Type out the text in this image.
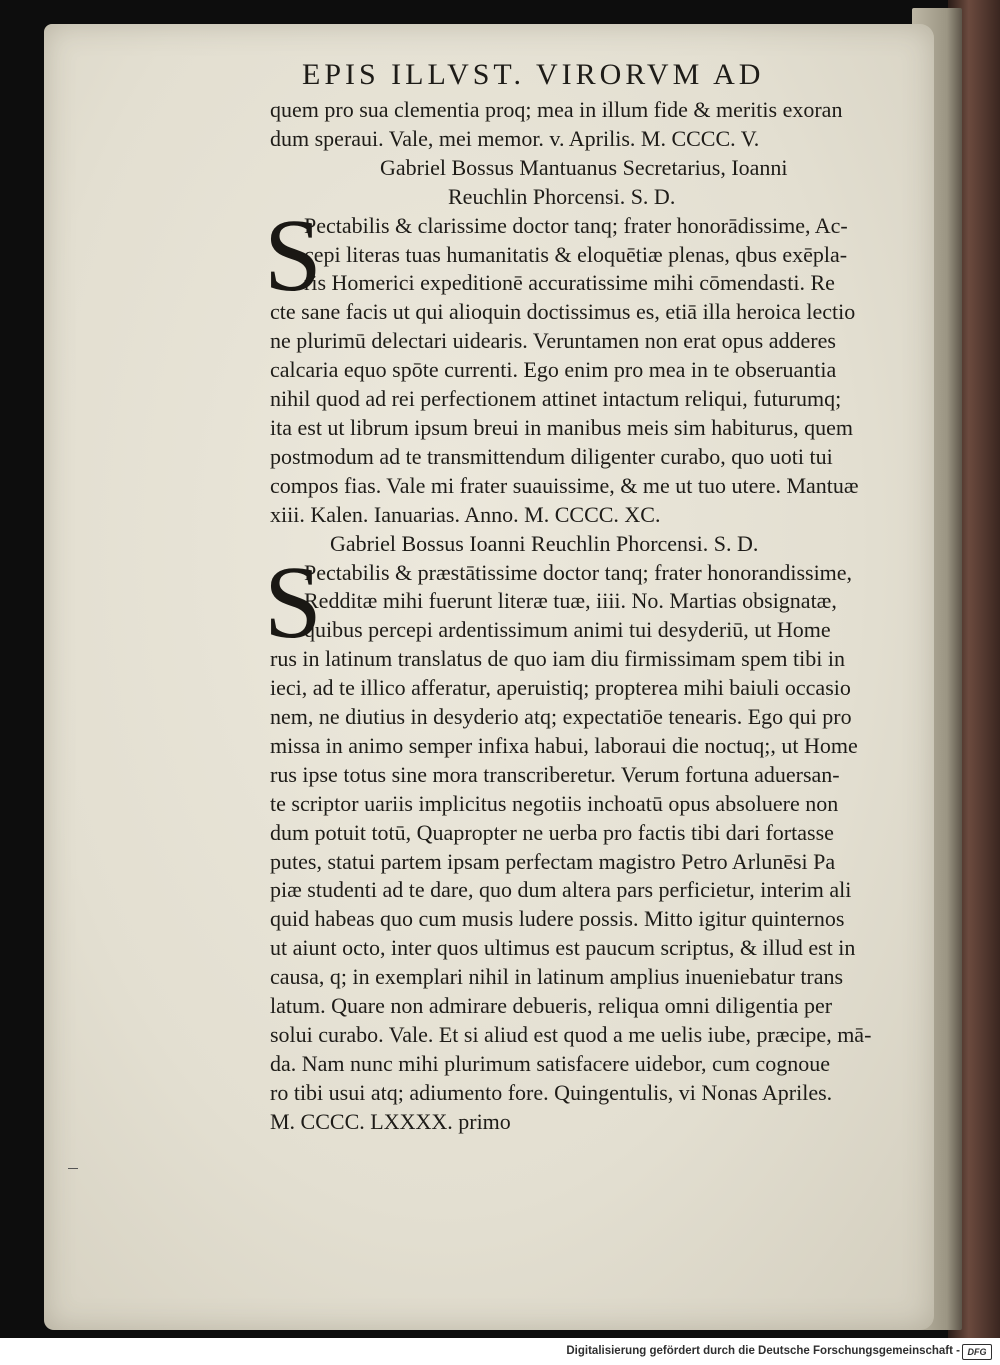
EPIS ILLVST. VIRORVM AD
quem pro sua clementia proq; mea in illum fide & meritis exoran
dum speraui. Vale, mei memor. v. Aprilis. M. CCCC. V.
Gabriel Bossus Mantuanus Secretarius, Ioanni
Reuchlin Phorcensi. S. D.
S
Pectabilis & clarissime doctor tanq; frater honorādissime, Ac-
cepi literas tuas humanitatis & eloquētiæ plenas, qbus exēpla-
ris Homerici expeditionē accuratissime mihi cōmendasti. Re
cte sane facis ut qui alioquin doctissimus es, etiā illa heroica lectio
ne plurimū delectari uidearis. Veruntamen non erat opus adderes
calcaria equo spōte currenti. Ego enim pro mea in te obseruantia
nihil quod ad rei perfectionem attinet intactum reliqui, futurumq;
ita est ut librum ipsum breui in manibus meis sim habiturus, quem
postmodum ad te transmittendum diligenter curabo, quo uoti tui
compos fias. Vale mi frater suauissime, & me ut tuo utere. Mantuæ
xiii. Kalen. Ianuarias. Anno. M. CCCC. XC.
Gabriel Bossus Ioanni Reuchlin Phorcensi. S. D.
S
Pectabilis & præstātissime doctor tanq; frater honorandissime,
Redditæ mihi fuerunt literæ tuæ, iiii. No. Martias obsignatæ,
quibus percepi ardentissimum animi tui desyderiū, ut Home
rus in latinum translatus de quo iam diu firmissimam spem tibi in
ieci, ad te illico afferatur, aperuistiq; propterea mihi baiuli occasio
nem, ne diutius in desyderio atq; expectatiōe tenearis. Ego qui pro
missa in animo semper infixa habui, laboraui die noctuq;, ut Home
rus ipse totus sine mora transcriberetur. Verum fortuna aduersan-
te scriptor uariis implicitus negotiis inchoatū opus absoluere non
dum potuit totū, Quapropter ne uerba pro factis tibi dari fortasse
putes, statui partem ipsam perfectam magistro Petro Arlunēsi Pa
piæ studenti ad te dare, quo dum altera pars perficietur, interim ali
quid habeas quo cum musis ludere possis. Mitto igitur quinternos
ut aiunt octo, inter quos ultimus est paucum scriptus, & illud est in
causa, q; in exemplari nihil in latinum amplius inueniebatur trans
latum. Quare non admirare debueris, reliqua omni diligentia per
solui curabo. Vale. Et si aliud est quod a me uelis iube, præcipe, mā-
da. Nam nunc mihi plurimum satisfacere uidebor, cum cognoue
ro tibi usui atq; adiumento fore. Quingentulis, vi Nonas Apriles.
M. CCCC. LXXXX. primo
Digitalisierung gefördert durch die Deutsche Forschungsgemeinschaft - DFG
